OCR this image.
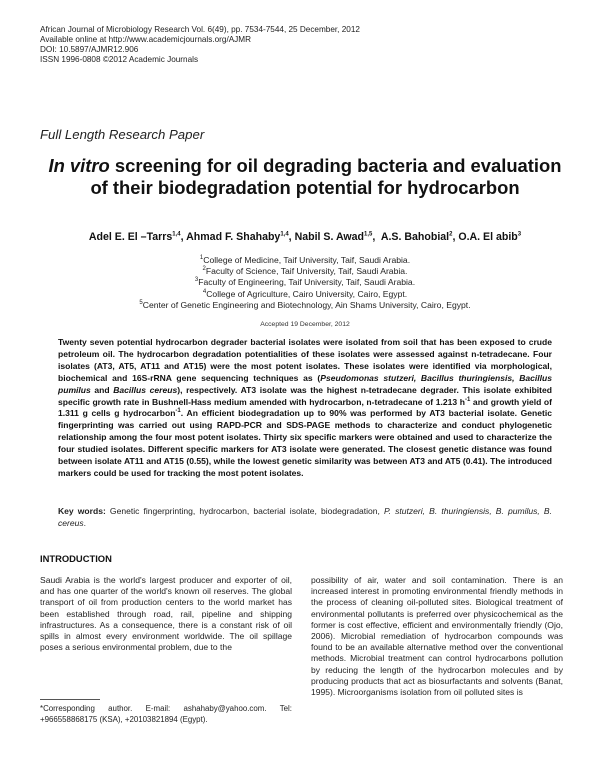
African Journal of Microbiology Research Vol. 6(49), pp. 7534-7544, 25 December, 2012
Available online at http://www.academicjournals.org/AJMR
DOI: 10.5897/AJMR12.906
ISSN 1996-0808 ©2012 Academic Journals
Full Length Research Paper
In vitro screening for oil degrading bacteria and evaluation of their biodegradation potential for hydrocarbon
Adel E. El –Tarrs$^{1,4}$, Ahmad F. Shahaby$^{1,4}$, Nabil S. Awad$^{1,5}$,  A.S. Bahobial$^2$, O.A. El abib$^3$
$^1$College of Medicine, Taif University, Taif, Saudi Arabia.
$^2$Faculty of Science, Taif University, Taif, Saudi Arabia.
$^3$Faculty of Engineering, Taif University, Taif, Saudi Arabia.
$^4$College of Agriculture, Cairo University, Cairo, Egypt.
$^5$Center of Genetic Engineering and Biotechnology, Ain Shams University, Cairo, Egypt.
Accepted 19 December, 2012
Twenty seven potential hydrocarbon degrader bacterial isolates were isolated from soil that has been exposed to crude petroleum oil. The hydrocarbon degradation potentialities of these isolates were assessed against n-tetradecane. Four isolates (AT3, AT5, AT11 and AT15) were the most potent isolates. These isolates were identified via morphological, biochemical and 16S-rRNA gene sequencing techniques as (Pseudomonas stutzeri, Bacillus thuringiensis, Bacillus pumilus and Bacillus cereus), respectively. AT3 isolate was the highest n-tetradecane degrader. This isolate exhibited specific growth rate in Bushnell-Hass medium amended with hydrocarbon, n-tetradecane of 1.213 $h^{-1}$ and growth yield of 1.311 g cells g hydrocarbon$^{-1}$. An efficient biodegradation up to 90% was performed by AT3 bacterial isolate. Genetic fingerprinting was carried out using RAPD-PCR and SDS-PAGE methods to characterize and conduct phylogenetic relationship among the four most potent isolates. Thirty six specific markers were obtained and used to characterize the four studied isolates. Different specific markers for AT3 isolate were generated. The closest genetic distance was found between isolate AT11 and AT15 (0.55), while the lowest genetic similarity was between AT3 and AT5 (0.41). The introduced markers could be used for tracking the most potent isolates.
Key words: Genetic fingerprinting, hydrocarbon, bacterial isolate, biodegradation, P. stutzeri, B. thuringiensis, B. pumilus, B. cereus.
INTRODUCTION
Saudi Arabia is the world's largest producer and exporter of oil, and has one quarter of the world's known oil reserves. The global transport of oil from production centers to the world market has been established through road, rail, pipeline and shipping infrastructures. As a consequence, there is a constant risk of oil spills in almost every environment worldwide. The oil spillage poses a serious environmental problem, due to the
possibility of air, water and soil contamination. There is an increased interest in promoting environmental friendly methods in the process of cleaning oil-polluted sites. Biological treatment of environmental pollutants is preferred over physicochemical as the former is cost effective, efficient and environmentally friendly (Ojo, 2006). Microbial remediation of hydrocarbon compounds was found to be an available alternative method over the conventional methods. Microbial treatment can control hydrocarbons pollution by reducing the length of the hydrocarbon molecules and by producing products that act as biosurfactants and solvents (Banat, 1995). Microorganisms isolation from oil polluted sites is
*Corresponding author. E-mail: ashahaby@yahoo.com. Tel: +966558868175 (KSA), +20103821894 (Egypt).
